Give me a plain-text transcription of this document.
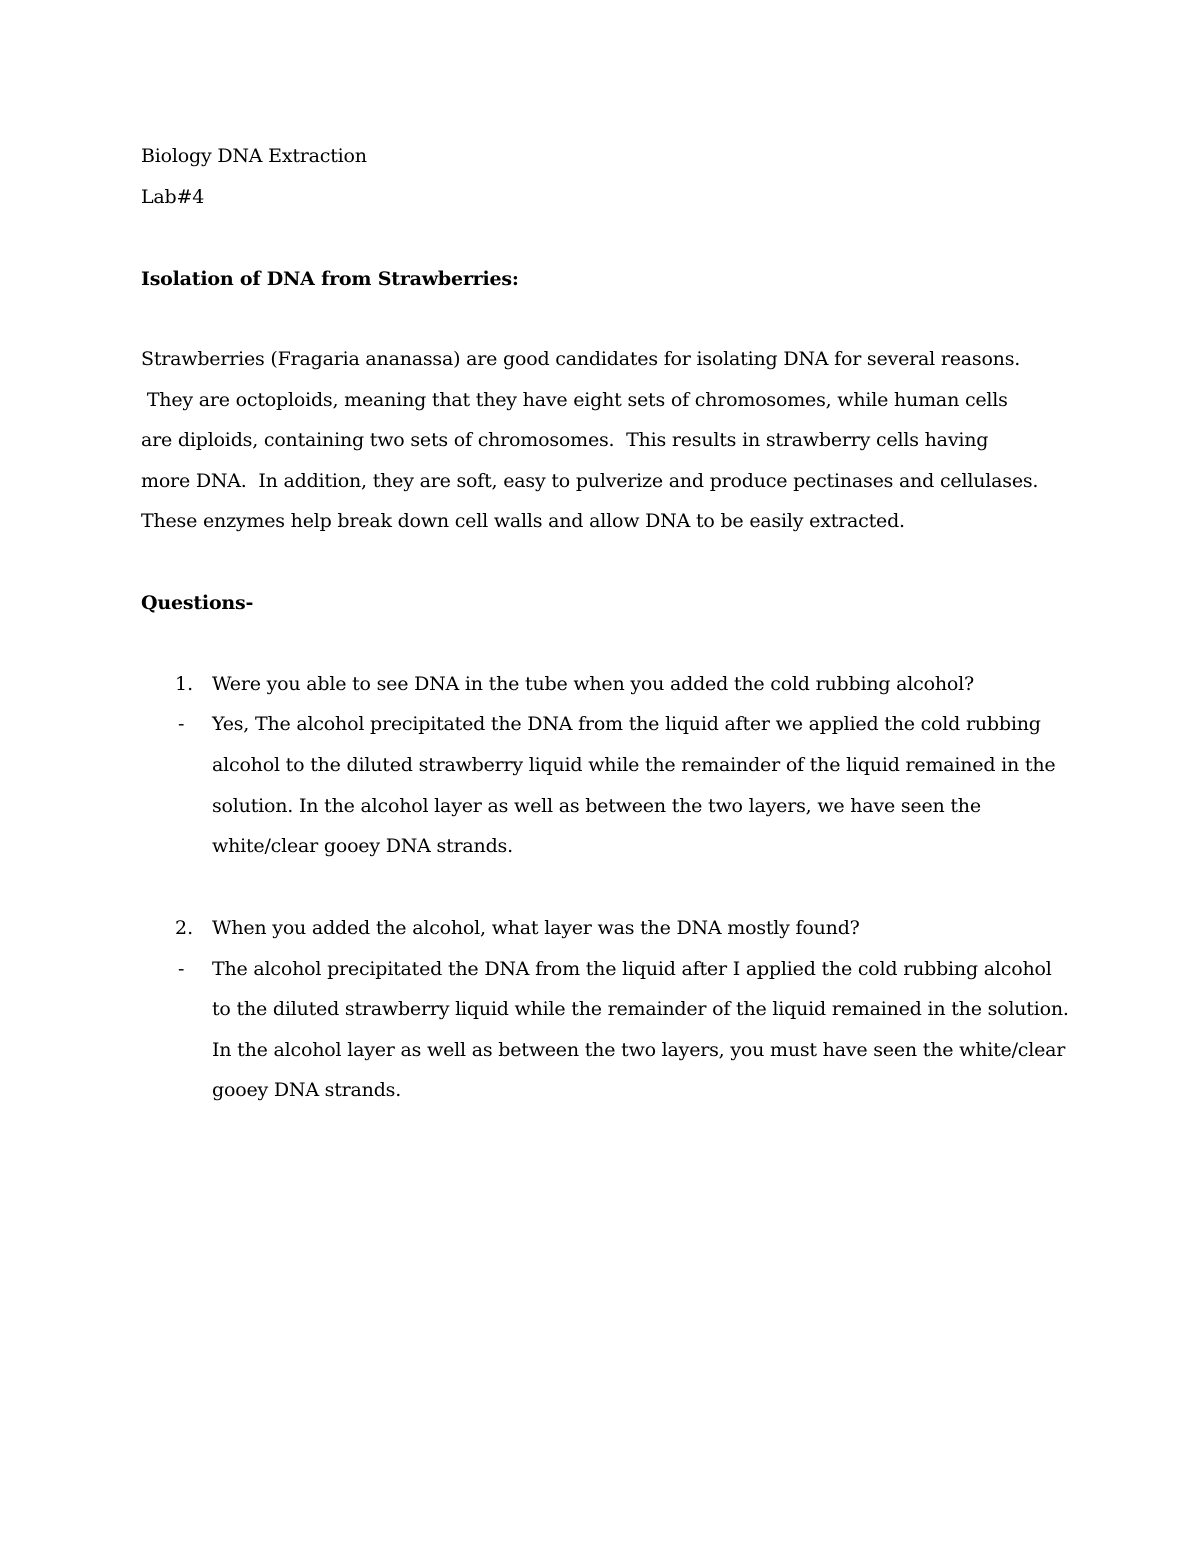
Biology DNA Extraction
Lab#4
Isolation of DNA from Strawberries:
Strawberries (Fragaria ananassa) are good candidates for isolating DNA for several reasons.
They are octoploids, meaning that they have eight sets of chromosomes, while human cells
are diploids, containing two sets of chromosomes.  This results in strawberry cells having
more DNA.  In addition, they are soft, easy to pulverize and produce pectinases and cellulases.
These enzymes help break down cell walls and allow DNA to be easily extracted.
Questions-
1. Were you able to see DNA in the tube when you added the cold rubbing alcohol?
- Yes, The alcohol precipitated the DNA from the liquid after we applied the cold rubbing
alcohol to the diluted strawberry liquid while the remainder of the liquid remained in the
solution. In the alcohol layer as well as between the two layers, we have seen the
white/clear gooey DNA strands.
2. When you added the alcohol, what layer was the DNA mostly found?
- The alcohol precipitated the DNA from the liquid after I applied the cold rubbing alcohol
to the diluted strawberry liquid while the remainder of the liquid remained in the solution.
In the alcohol layer as well as between the two layers, you must have seen the white/clear
gooey DNA strands.
